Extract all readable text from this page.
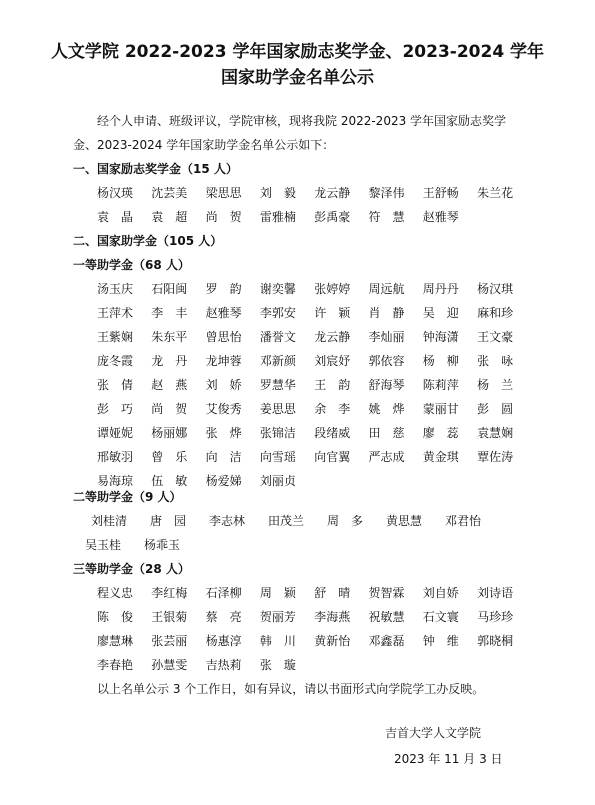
人文学院 2022-2023 学年国家励志奖学金、2023-2024 学年
国家助学金名单公示
经个人申请、班级评议，学院审核，现将我院 2022-2023 学年国家励志奖学
金、2023-2024 学年国家助学金名单公示如下：
一、国家励志奖学金（15 人）
杨汉瑛 沈芸美 梁思思 刘　毅 龙云静 黎泽伟 王舒畅 朱兰花
袁　晶 袁　超 尚　贺 雷雅楠 彭禹豪 符　慧 赵雅琴
二、国家助学金（105 人）
一等助学金（68 人）
汤玉庆 石阳闽 罗　韵 谢奕馨 张婷婷 周远航 周丹丹 杨汉琪
王萍术 李　丰 赵雅琴 李郭安 许　颖 肖　静 吴　迎 麻和珍
王紫娴 朱东平 曾思怡 潘誉文 龙云静 李灿丽 钟海潇 王文豪
庞冬霞 龙　丹 龙坤蓉 邓新颜 刘宸妤 郭依容 杨　柳 张　咏
张　倩 赵　燕 刘　娇 罗慧华 王　韵 舒海琴 陈莉萍 杨　兰
彭　巧 尚　贺 艾俊秀 姜思思 余　李 姚　烨 蒙丽甘 彭　圆
谭娅妮 杨丽娜 张　烨 张锦洁 段绪威 田　慈 廖　蕊 袁慧娴
邢敏羽 曾　乐 向　洁 向雪瑶 向官翼 严志成 黄金琪 覃佐涛
易海琼 伍　敏 杨爱娣 刘丽贞
二等助学金（9 人）
刘桂清 唐　园 李志林 田茂兰 周　多 黄思慧 邓君怡
吴玉桂 杨乖玉
三等助学金（28 人）
程义忠 李红梅 石泽柳 周　颖 舒　晴 贺智霖 刘自娇 刘诗语
陈　俊 王银菊 蔡　亮 贺丽芳 李海燕 祝敏慧 石文寰 马珍珍
廖慧琳 张芸丽 杨惠淳 韩　川 黄新怡 邓鑫磊 钟　维 郭晓桐
李春艳 孙慧雯 吉热莉 张　璇
以上名单公示 3 个工作日，如有异议，请以书面形式向学院学工办反映。
吉首大学人文学院
2023 年 11 月 3 日
